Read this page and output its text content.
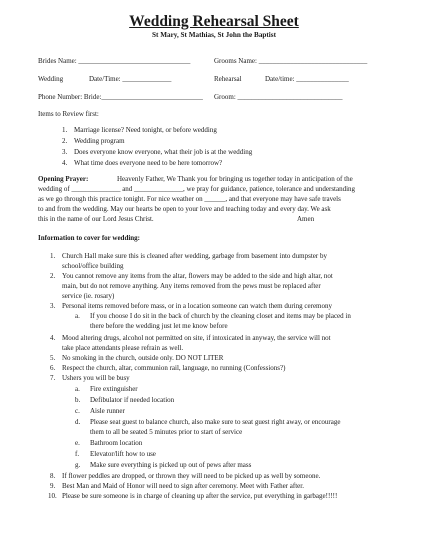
Wedding Rehearsal Sheet
St Mary, St Mathias, St John the Baptist
Brides Name: ________________________________	Grooms Name: _______________________________
Wedding	Date/Time: ______________	Rehearsal	Date/time: _______________
Phone Number: Bride:_____________________________ Groom: ______________________________
Items to Review first:
1. Marriage license? Need tonight, or before wedding
2. Wedding program
3. Does everyone know everyone, what their job is at the wedding
4. What time does everyone need to be here tomorrow?
Opening Prayer:	Heavenly Father, We Thank you for bringing us together today in anticipation of the
wedding of ______________ and ______________, we pray for guidance, patience, tolerance and understanding
as we go through this practice tonight. For nice weather on ______, and that everyone may have safe travels
to and from the wedding. May our hearts be open to your love and teaching today and every day. We ask
this in the name of our Lord Jesus Christ.	Amen
Information to cover for wedding:
1. Church Hall make sure this is cleaned after wedding, garbage from basement into dumpster by
school/office building
2. You cannot remove any items from the altar, flowers may be added to the side and high altar, not
main, but do not remove anything. Any items removed from the pews must be replaced after
service (ie. rosary)
3. Personal items removed before mass, or in a location someone can watch them during ceremony
a. If you choose I do sit in the back of church by the cleaning closet and items may be placed in
there before the wedding just let me know before
4. Mood altering drugs, alcohol not permitted on site, if intoxicated in anyway, the service will not
take place attendants please refrain as well.
5. No smoking in the church, outside only. DO NOT LITER
6. Respect the church, altar, communion rail, language, no running (Confessions?)
7. Ushers you will be busy
a. Fire extinguisher
b. Defibulator if needed location
c. Aisle runner
d. Please seat guest to balance church, also make sure to seat guest right away, or encourage
them to all be seated 5 minutes prior to start of service
e. Bathroom location
f. Elevator/lift how to use
g. Make sure everything is picked up out of pews after mass
8. If flower peddles are dropped, or thrown they will need to be picked up as well by someone.
9. Best Man and Maid of Honor will need to sign after ceremony. Meet with Father after.
10. Please be sure someone is in charge of cleaning up after the service, put everything in garbage!!!!!
